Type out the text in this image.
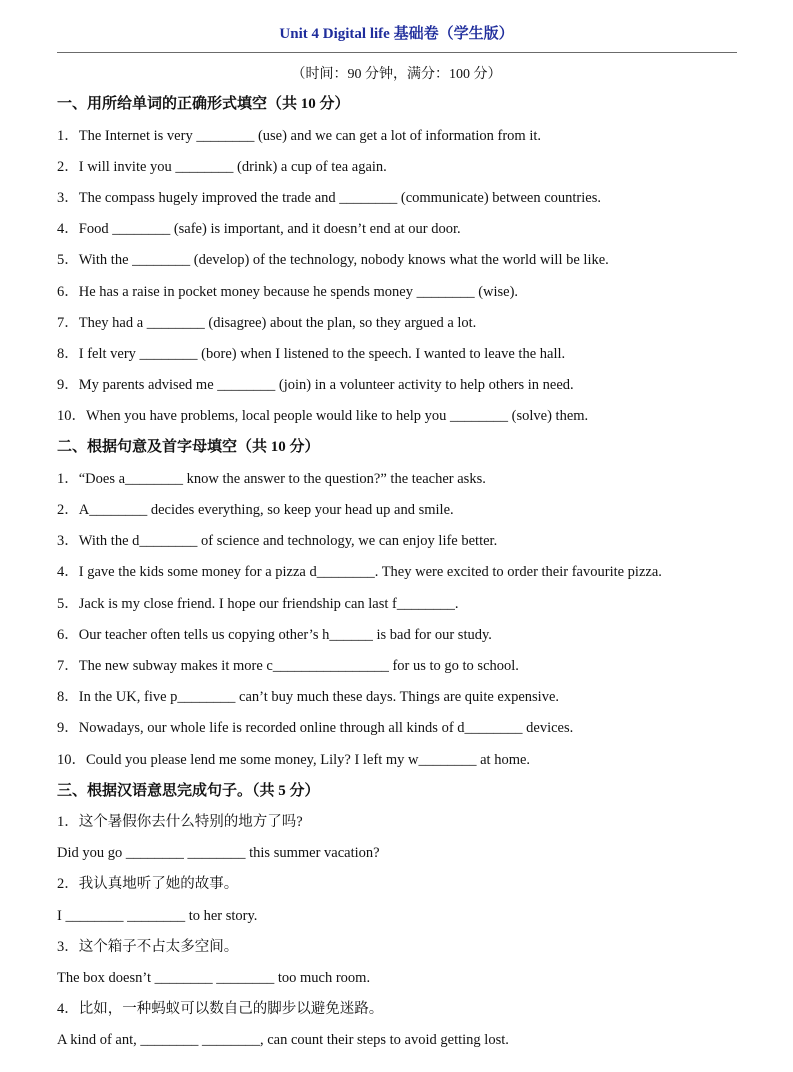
Unit 4 Digital life 基础卷（学生版）
（时间：90 分钟，满分：100 分）
一、用所给单词的正确形式填空（共 10 分）
1．The Internet is very ________ (use) and we can get a lot of information from it.
2．I will invite you ________ (drink) a cup of tea again.
3．The compass hugely improved the trade and ________ (communicate) between countries.
4．Food ________ (safe) is important, and it doesn’t end at our door.
5．With the ________ (develop) of the technology, nobody knows what the world will be like.
6．He has a raise in pocket money because he spends money ________ (wise).
7．They had a ________ (disagree) about the plan, so they argued a lot.
8．I felt very ________ (bore) when I listened to the speech. I wanted to leave the hall.
9．My parents advised me ________ (join) in a volunteer activity to help others in need.
10．When you have problems, local people would like to help you ________ (solve) them.
二、根据句意及首字母填空（共 10 分）
1．“Does a________ know the answer to the question?” the teacher asks.
2．A________ decides everything, so keep your head up and smile.
3．With the d________ of science and technology, we can enjoy life better.
4．I gave the kids some money for a pizza d________. They were excited to order their favourite pizza.
5．Jack is my close friend. I hope our friendship can last f________.
6．Our teacher often tells us copying other’s h______ is bad for our study.
7．The new subway makes it more c________________ for us to go to school.
8．In the UK, five p________ can’t buy much these days. Things are quite expensive.
9．Nowadays, our whole life is recorded online through all kinds of d________ devices.
10．Could you please lend me some money, Lily? I left my w________ at home.
三、根据汉语意思完成句子。（共 5 分）
1．这个暑假你去什么特别的地方了吗?
Did you go ________ ________ this summer vacation?
2．我认真地听了她的故事。
I ________ ________ to her story.
3．这个箱子不占太多空间。
The box doesn’t ________ ________ too much room.
4．比如，一种蚂蚁可以数自己的脚步以避免迷路。
A kind of ant, ________ ________, can count their steps to avoid getting lost.
